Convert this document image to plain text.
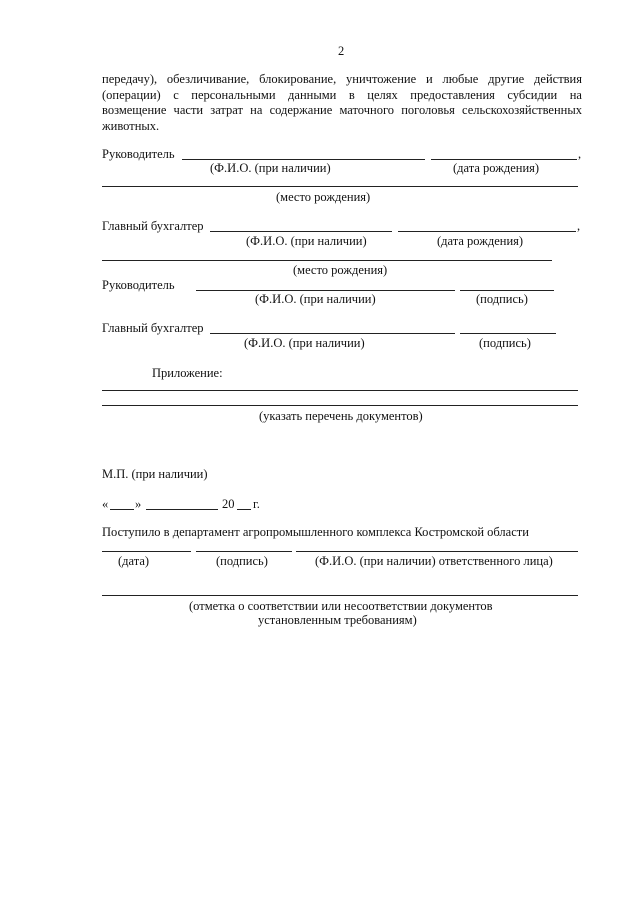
2
передачу), обезличивание, блокирование, уничтожение и любые другие действия
(операции) с персональными данными в целях предоставления субсидии на
возмещение части затрат на содержание маточного поголовья сельскохозяйственных
животных.
Руководитель	,
(Ф.И.О. (при наличии)	(дата рождения)
(место рождения)
Главный бухгалтер	,
(Ф.И.О. (при наличии)	(дата рождения)
(место рождения)
Руководитель
(Ф.И.О. (при наличии)	(подпись)
Главный бухгалтер
(Ф.И.О. (при наличии)	(подпись)
Приложение:
(указать перечень документов)
М.П. (при наличии)
« »	20 г.
Поступило в департамент агропромышленного комплекса Костромской области
(дата)	(подпись)	(Ф.И.О. (при наличии) ответственного лица)
(отметка о соответствии или несоответствии документов
установленным требованиям)
